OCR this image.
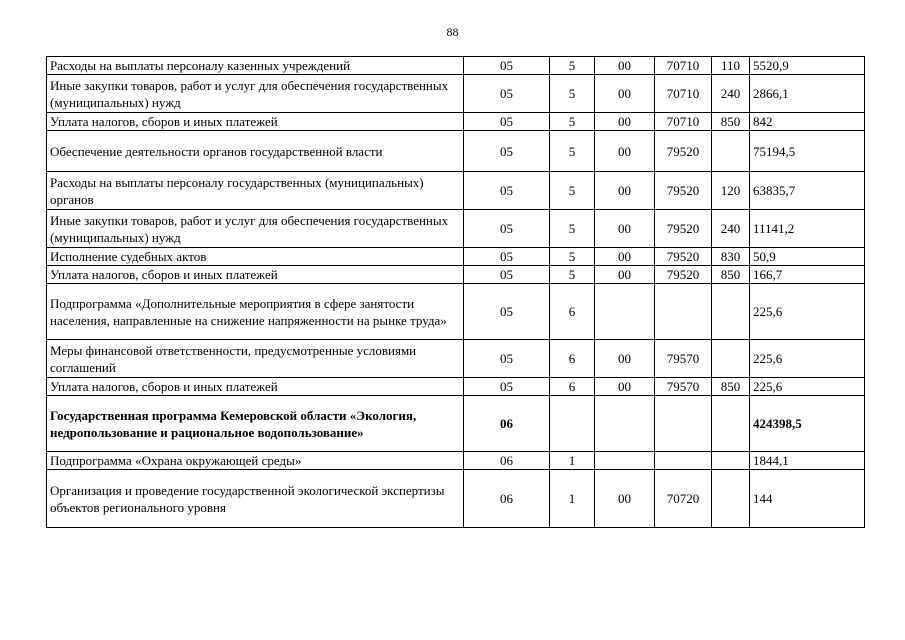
88
Расходы на выплаты персоналу казенных учреждений	05	5	00	70710	110	5520,9
Иные закупки товаров, работ и услуг для обеспечения государственных (муниципальных) нужд	05	5	00	70710	240	2866,1
Уплата налогов, сборов и иных платежей	05	5	00	70710	850	842
Обеспечение деятельности органов государственной власти	05	5	00	79520		75194,5
Расходы на выплаты персоналу государственных (муниципальных) органов	05	5	00	79520	120	63835,7
Иные закупки товаров, работ и услуг для обеспечения государственных (муниципальных) нужд	05	5	00	79520	240	11141,2
Исполнение судебных актов	05	5	00	79520	830	50,9
Уплата налогов, сборов и иных платежей	05	5	00	79520	850	166,7
Подпрограмма «Дополнительные мероприятия в сфере занятости населения, направленные на снижение напряженности на рынке труда»	05	6				225,6
Меры финансовой ответственности, предусмотренные условиями соглашений	05	6	00	79570		225,6
Уплата налогов, сборов и иных платежей	05	6	00	79570	850	225,6
Государственная программа Кемеровской области «Экология, недропользование и рациональное водопользование»	06					424398,5
Подпрограмма «Охрана окружающей среды»	06	1				1844,1
Организация и проведение государственной экологической экспертизы объектов регионального уровня	06	1	00	70720		144
